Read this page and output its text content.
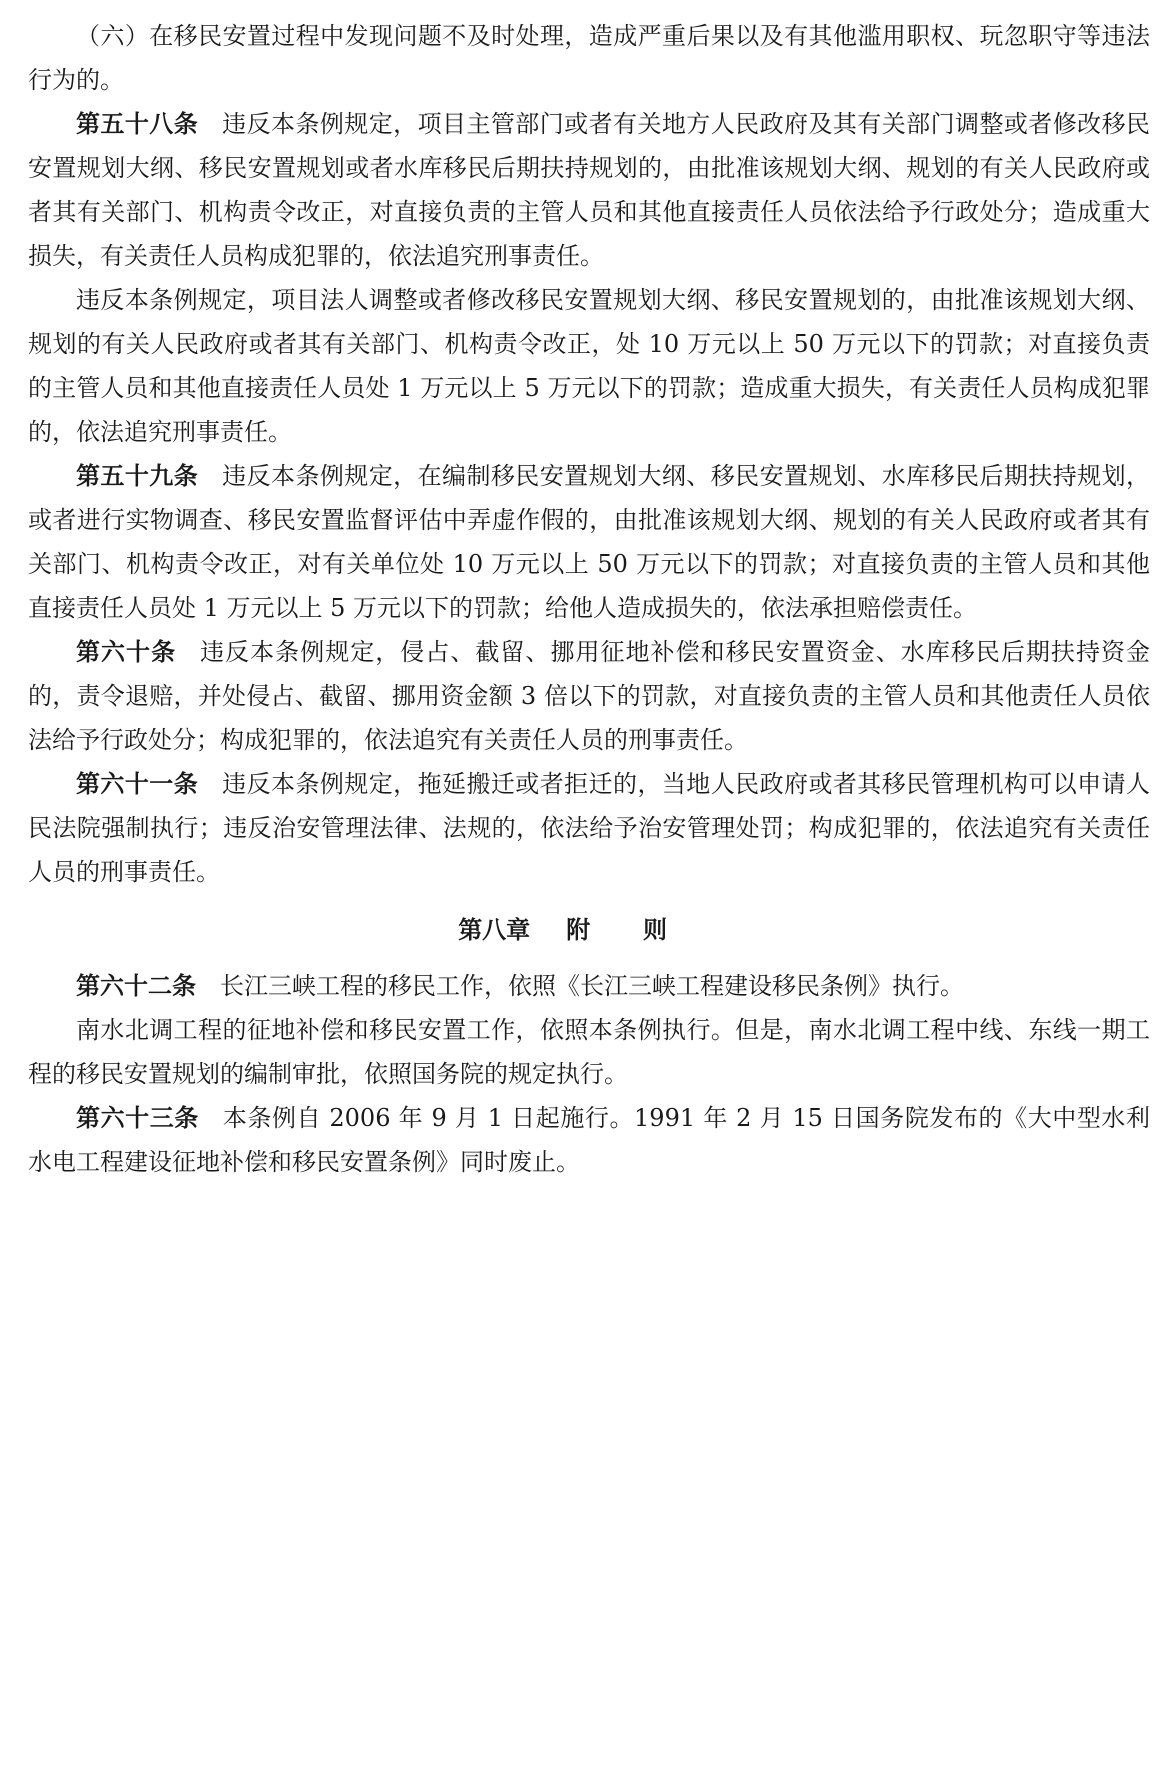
（六）在移民安置过程中发现问题不及时处理，造成严重后果以及有其他滥用职权、玩忽职守等违法行为的。

第五十八条 违反本条例规定，项目主管部门或者有关地方人民政府及其有关部门调整或者修改移民安置规划大纲、移民安置规划或者水库移民后期扶持规划的，由批准该规划大纲、规划的有关人民政府或者其有关部门、机构责令改正，对直接负责的主管人员和其他直接责任人员依法给予行政处分；造成重大损失，有关责任人员构成犯罪的，依法追究刑事责任。

违反本条例规定，项目法人调整或者修改移民安置规划大纲、移民安置规划的，由批准该规划大纲、规划的有关人民政府或者其有关部门、机构责令改正，处 10 万元以上 50 万元以下的罚款；对直接负责的主管人员和其他直接责任人员处 1 万元以上 5 万元以下的罚款；造成重大损失，有关责任人员构成犯罪的，依法追究刑事责任。

第五十九条 违反本条例规定，在编制移民安置规划大纲、移民安置规划、水库移民后期扶持规划，或者进行实物调查、移民安置监督评估中弄虚作假的，由批准该规划大纲、规划的有关人民政府或者其有关部门、机构责令改正，对有关单位处 10 万元以上 50 万元以下的罚款；对直接负责的主管人员和其他直接责任人员处 1 万元以上 5 万元以下的罚款；给他人造成损失的，依法承担赔偿责任。

第六十条 违反本条例规定，侵占、截留、挪用征地补偿和移民安置资金、水库移民后期扶持资金的，责令退赔，并处侵占、截留、挪用资金额 3 倍以下的罚款，对直接负责的主管人员和其他责任人员依法给予行政处分；构成犯罪的，依法追究有关责任人员的刑事责任。

第六十一条 违反本条例规定，拖延搬迁或者拒迁的，当地人民政府或者其移民管理机构可以申请人民法院强制执行；违反治安管理法律、法规的，依法给予治安管理处罚；构成犯罪的，依法追究有关责任人员的刑事责任。

第八章 附则

第六十二条 长江三峡工程的移民工作，依照《长江三峡工程建设移民条例》执行。

南水北调工程的征地补偿和移民安置工作，依照本条例执行。但是，南水北调工程中线、东线一期工程的移民安置规划的编制审批，依照国务院的规定执行。

第六十三条 本条例自 2006 年 9 月 1 日起施行。1991 年 2 月 15 日国务院发布的《大中型水利水电工程建设征地补偿和移民安置条例》同时废止。
